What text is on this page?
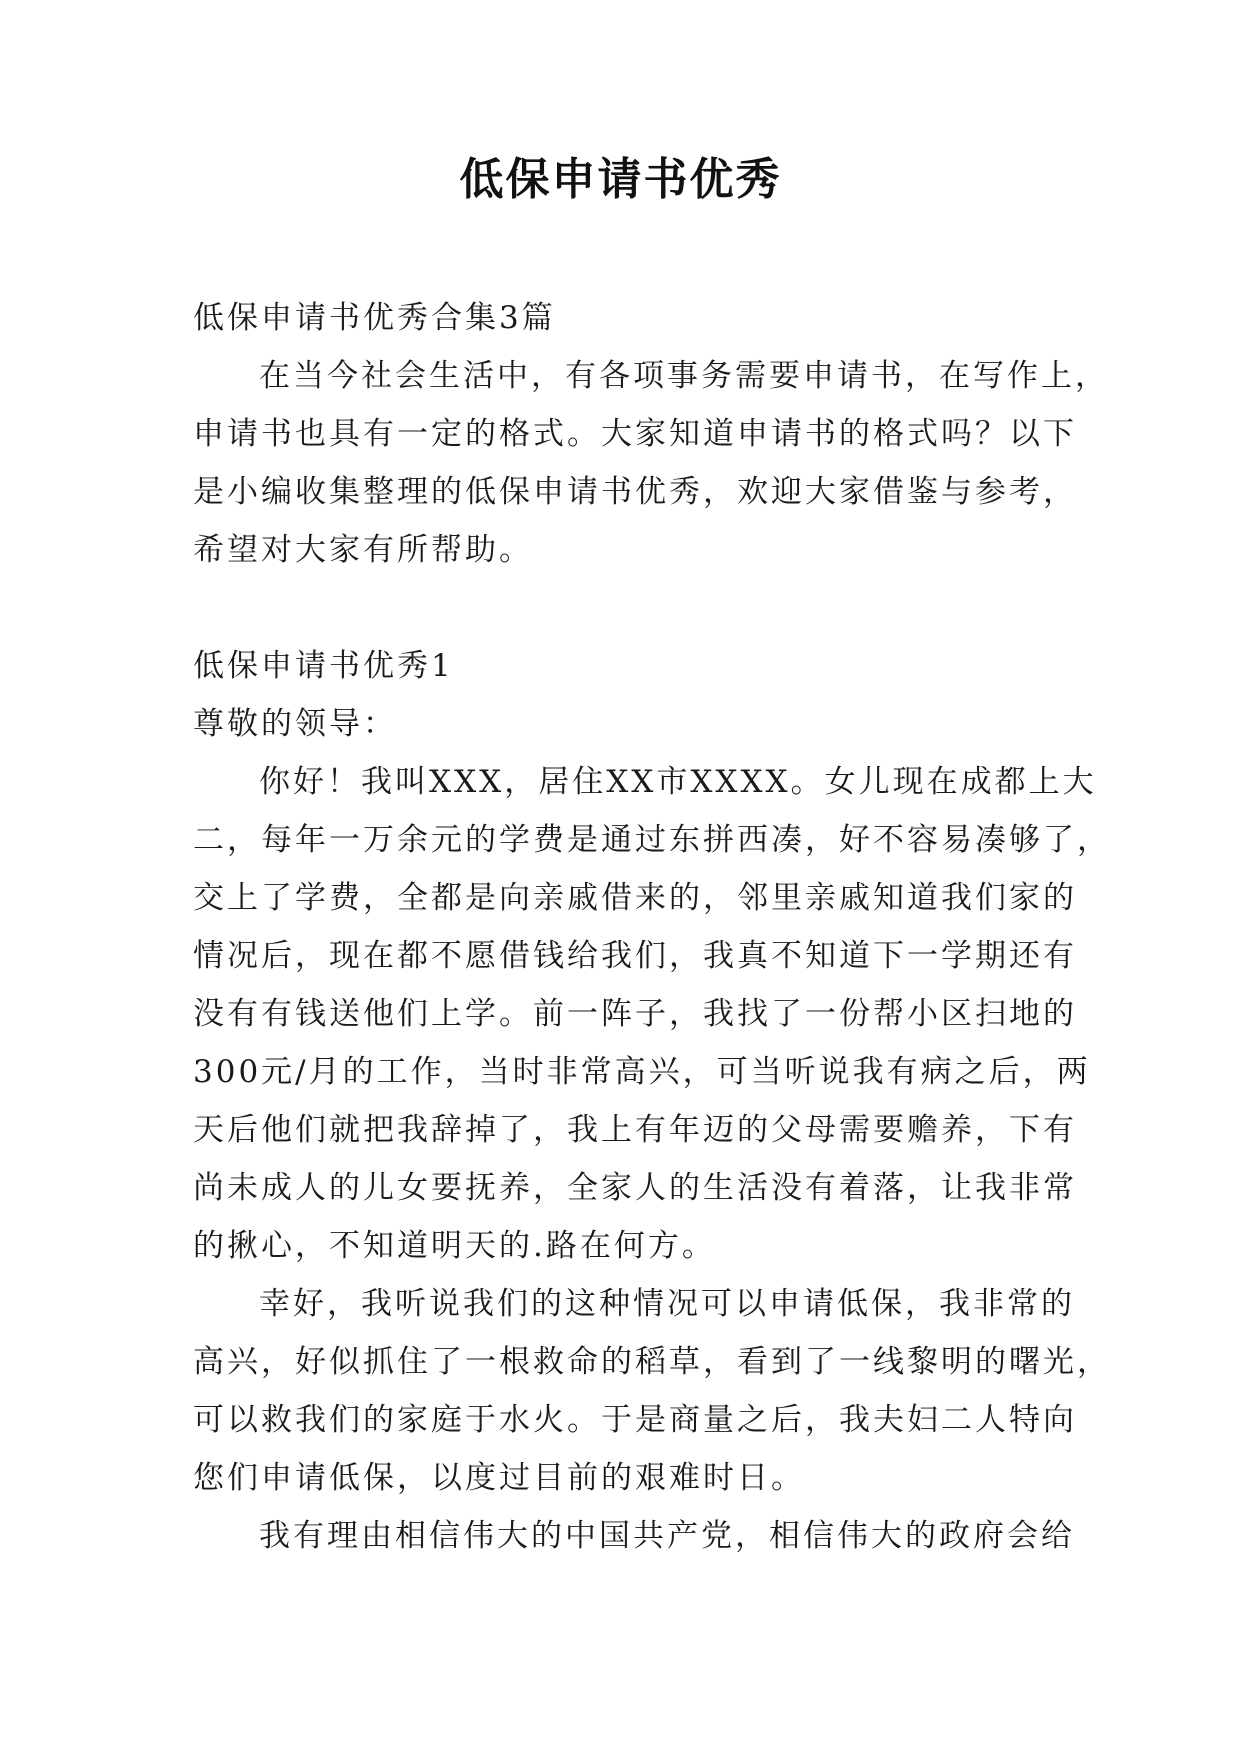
低保申请书优秀
低保申请书优秀合集3篇
在当今社会生活中，有各项事务需要申请书，在写作上，
申请书也具有一定的格式。大家知道申请书的格式吗？以下
是小编收集整理的低保申请书优秀，欢迎大家借鉴与参考，
希望对大家有所帮助。
低保申请书优秀1
尊敬的领导：
你好！我叫XXX，居住XX市XXXX。女儿现在成都上大
二，每年一万余元的学费是通过东拼西凑，好不容易凑够了，
交上了学费，全都是向亲戚借来的，邻里亲戚知道我们家的
情况后，现在都不愿借钱给我们，我真不知道下一学期还有
没有有钱送他们上学。前一阵子，我找了一份帮小区扫地的
300元/月的工作，当时非常高兴，可当听说我有病之后，两
天后他们就把我辞掉了，我上有年迈的父母需要赡养，下有
尚未成人的儿女要抚养，全家人的生活没有着落，让我非常
的揪心，不知道明天的.路在何方。
幸好，我听说我们的这种情况可以申请低保，我非常的
高兴，好似抓住了一根救命的稻草，看到了一线黎明的曙光，
可以救我们的家庭于水火。于是商量之后，我夫妇二人特向
您们申请低保，以度过目前的艰难时日。
我有理由相信伟大的中国共产党，相信伟大的政府会给
